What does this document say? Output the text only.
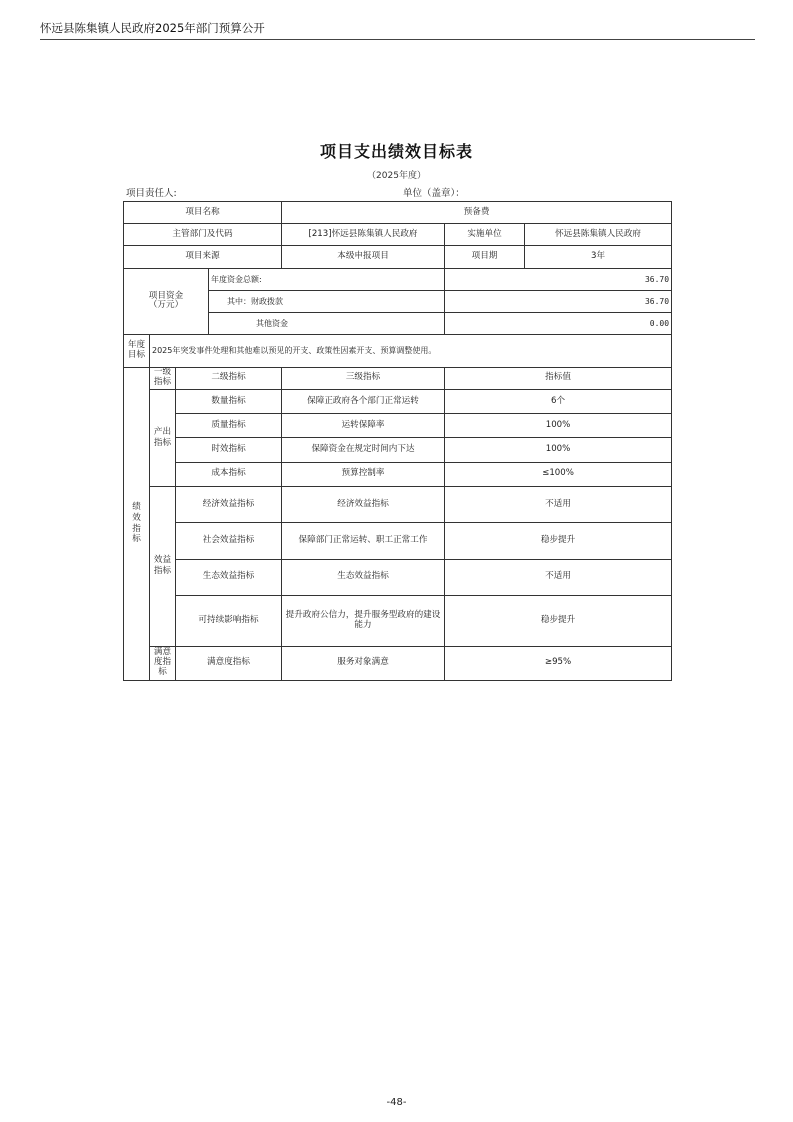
怀远县陈集镇人民政府2025年部门预算公开
项目支出绩效目标表
（2025年度）
项目责任人:	单位（盖章）：
项目名称				预备费		
主管部门及代码				[213]怀远县陈集镇人民政府	实施单位	怀远县陈集镇人民政府
项目来源				本级申报项目	项目期	3年
项目资金
（万元）			年度资金总额:		36.70	
			其中：财政拨款		36.70	
			其他资金		0.00	
年度目标	2025年突发事件处理和其他难以预见的开支、政策性因素开支、预算调整使用。					
绩效指标	一级指标	二级指标		三级指标	指标值	
	产出指标	数量指标		保障正政府各个部门正常运转	6个	
		质量指标		运转保障率	100%	
		时效指标		保障资金在规定时间内下达	100%	
		成本指标		预算控制率	≤100%	
	效益指标	经济效益指标		经济效益指标	不适用	
		社会效益指标		保障部门正常运转、职工正常工作	稳步提升	
		生态效益指标		生态效益指标	不适用	
		可持续影响指标		提升政府公信力，提升服务型政府的建设能力	稳步提升	
	满意度指标	满意度指标		服务对象满意	≥95%	
-48-
